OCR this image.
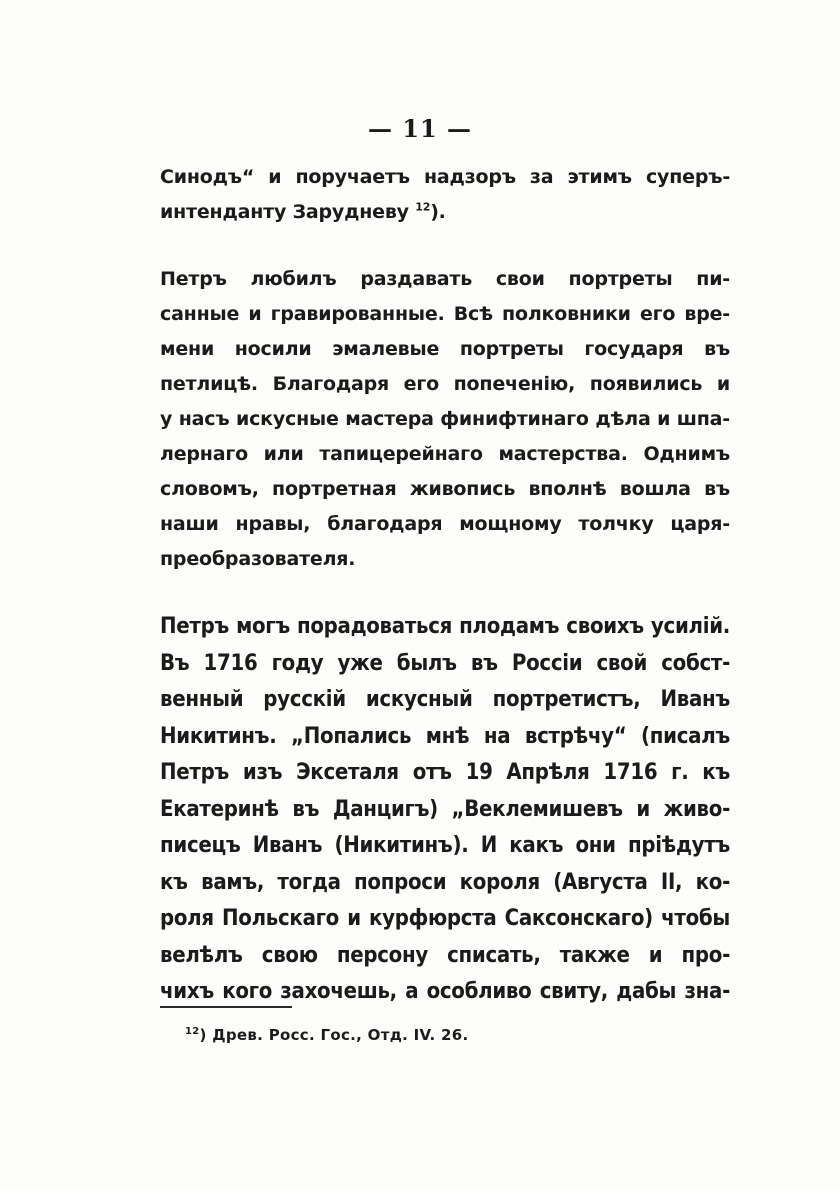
— 11 —
Синодъ“ и поручаетъ надзоръ за этимъ суперъ-
интенданту Зарудневу $^{12}$).
Петръ любилъ раздавать свои портреты пи-
санные и гравированные. Всѣ полковники его вре-
мени носили эмалевые портреты государя въ
петлицѣ. Благодаря его попеченію, появились и
у насъ искусные мастера финифтинаго дѣла и шпа-
лернаго или тапицерейнаго мастерства. Однимъ
словомъ, портретная живопись вполнѣ вошла въ
наши нравы, благодаря мощному толчку царя-
преобразователя.
Петръ могъ порадоваться плодамъ своихъ усилій.
Въ 1716 году уже былъ въ Россіи свой собст-
венный русскій искусный портретистъ, Иванъ
Никитинъ. „Попались мнѣ на встрѣчу“ (писалъ
Петръ изъ Экcеталя отъ 19 Апрѣля 1716 г. къ
Екатеринѣ въ Данцигъ) „Веклемишевъ и живо-
писецъ Иванъ (Никитинъ). И какъ они пріѣдутъ
къ вамъ, тогда попроси короля (Августа II, ко-
роля Польскаго и курфюрста Саксонскаго) чтобы
велѣлъ свою персону списать, также и про-
чихъ кого захочешь, а особливо свиту, дабы зна-
$^{12}$) Древ. Росс. Гос., Отд. IV. 26.
